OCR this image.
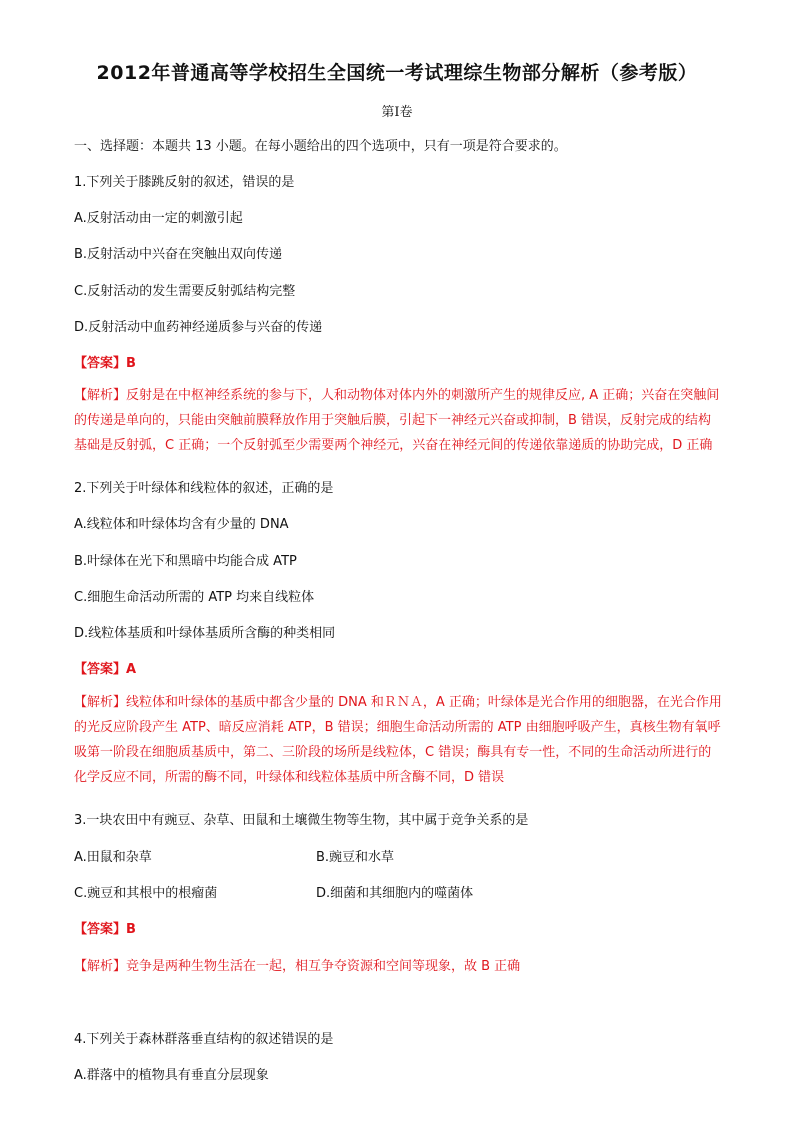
2012年普通高等学校招生全国统一考试理综生物部分解析（参考版）
第Ⅰ卷
一、选择题：本题共 13 小题。在每小题给出的四个选项中，只有一项是符合要求的。
1.下列关于膝跳反射的叙述，错误的是
A.反射活动由一定的刺激引起
B.反射活动中兴奋在突触出双向传递
C.反射活动的发生需要反射弧结构完整
D.反射活动中血药神经递质参与兴奋的传递
【答案】B
【解析】反射是在中枢神经系统的参与下，人和动物体对体内外的刺激所产生的规律反应, A 正确；兴奋在突触间
的传递是单向的，只能由突触前膜释放作用于突触后膜，引起下一神经元兴奋或抑制，B 错误，反射完成的结构
基础是反射弧，C 正确；一个反射弧至少需要两个神经元，兴奋在神经元间的传递依靠递质的协助完成，D 正确
2.下列关于叶绿体和线粒体的叙述，正确的是
A.线粒体和叶绿体均含有少量的 DNA
B.叶绿体在光下和黑暗中均能合成 ATP
C.细胞生命活动所需的 ATP 均来自线粒体
D.线粒体基质和叶绿体基质所含酶的种类相同
【答案】A
【解析】线粒体和叶绿体的基质中都含少量的 DNA 和ＲＮＡ，A 正确；叶绿体是光合作用的细胞器，在光合作用
的光反应阶段产生 ATP、暗反应消耗 ATP，B 错误；细胞生命活动所需的 ATP 由细胞呼吸产生，真核生物有氧呼
吸第一阶段在细胞质基质中，第二、三阶段的场所是线粒体，C 错误；酶具有专一性，不同的生命活动所进行的
化学反应不同，所需的酶不同，叶绿体和线粒体基质中所含酶不同，D 错误
3.一块农田中有豌豆、杂草、田鼠和土壤微生物等生物，其中属于竞争关系的是
A.田鼠和杂草	B.豌豆和水草
C.豌豆和其根中的根瘤菌	D.细菌和其细胞内的噬菌体
【答案】B
【解析】竞争是两种生物生活在一起，相互争夺资源和空间等现象，故 B 正确
4.下列关于森林群落垂直结构的叙述错误的是
A.群落中的植物具有垂直分层现象
